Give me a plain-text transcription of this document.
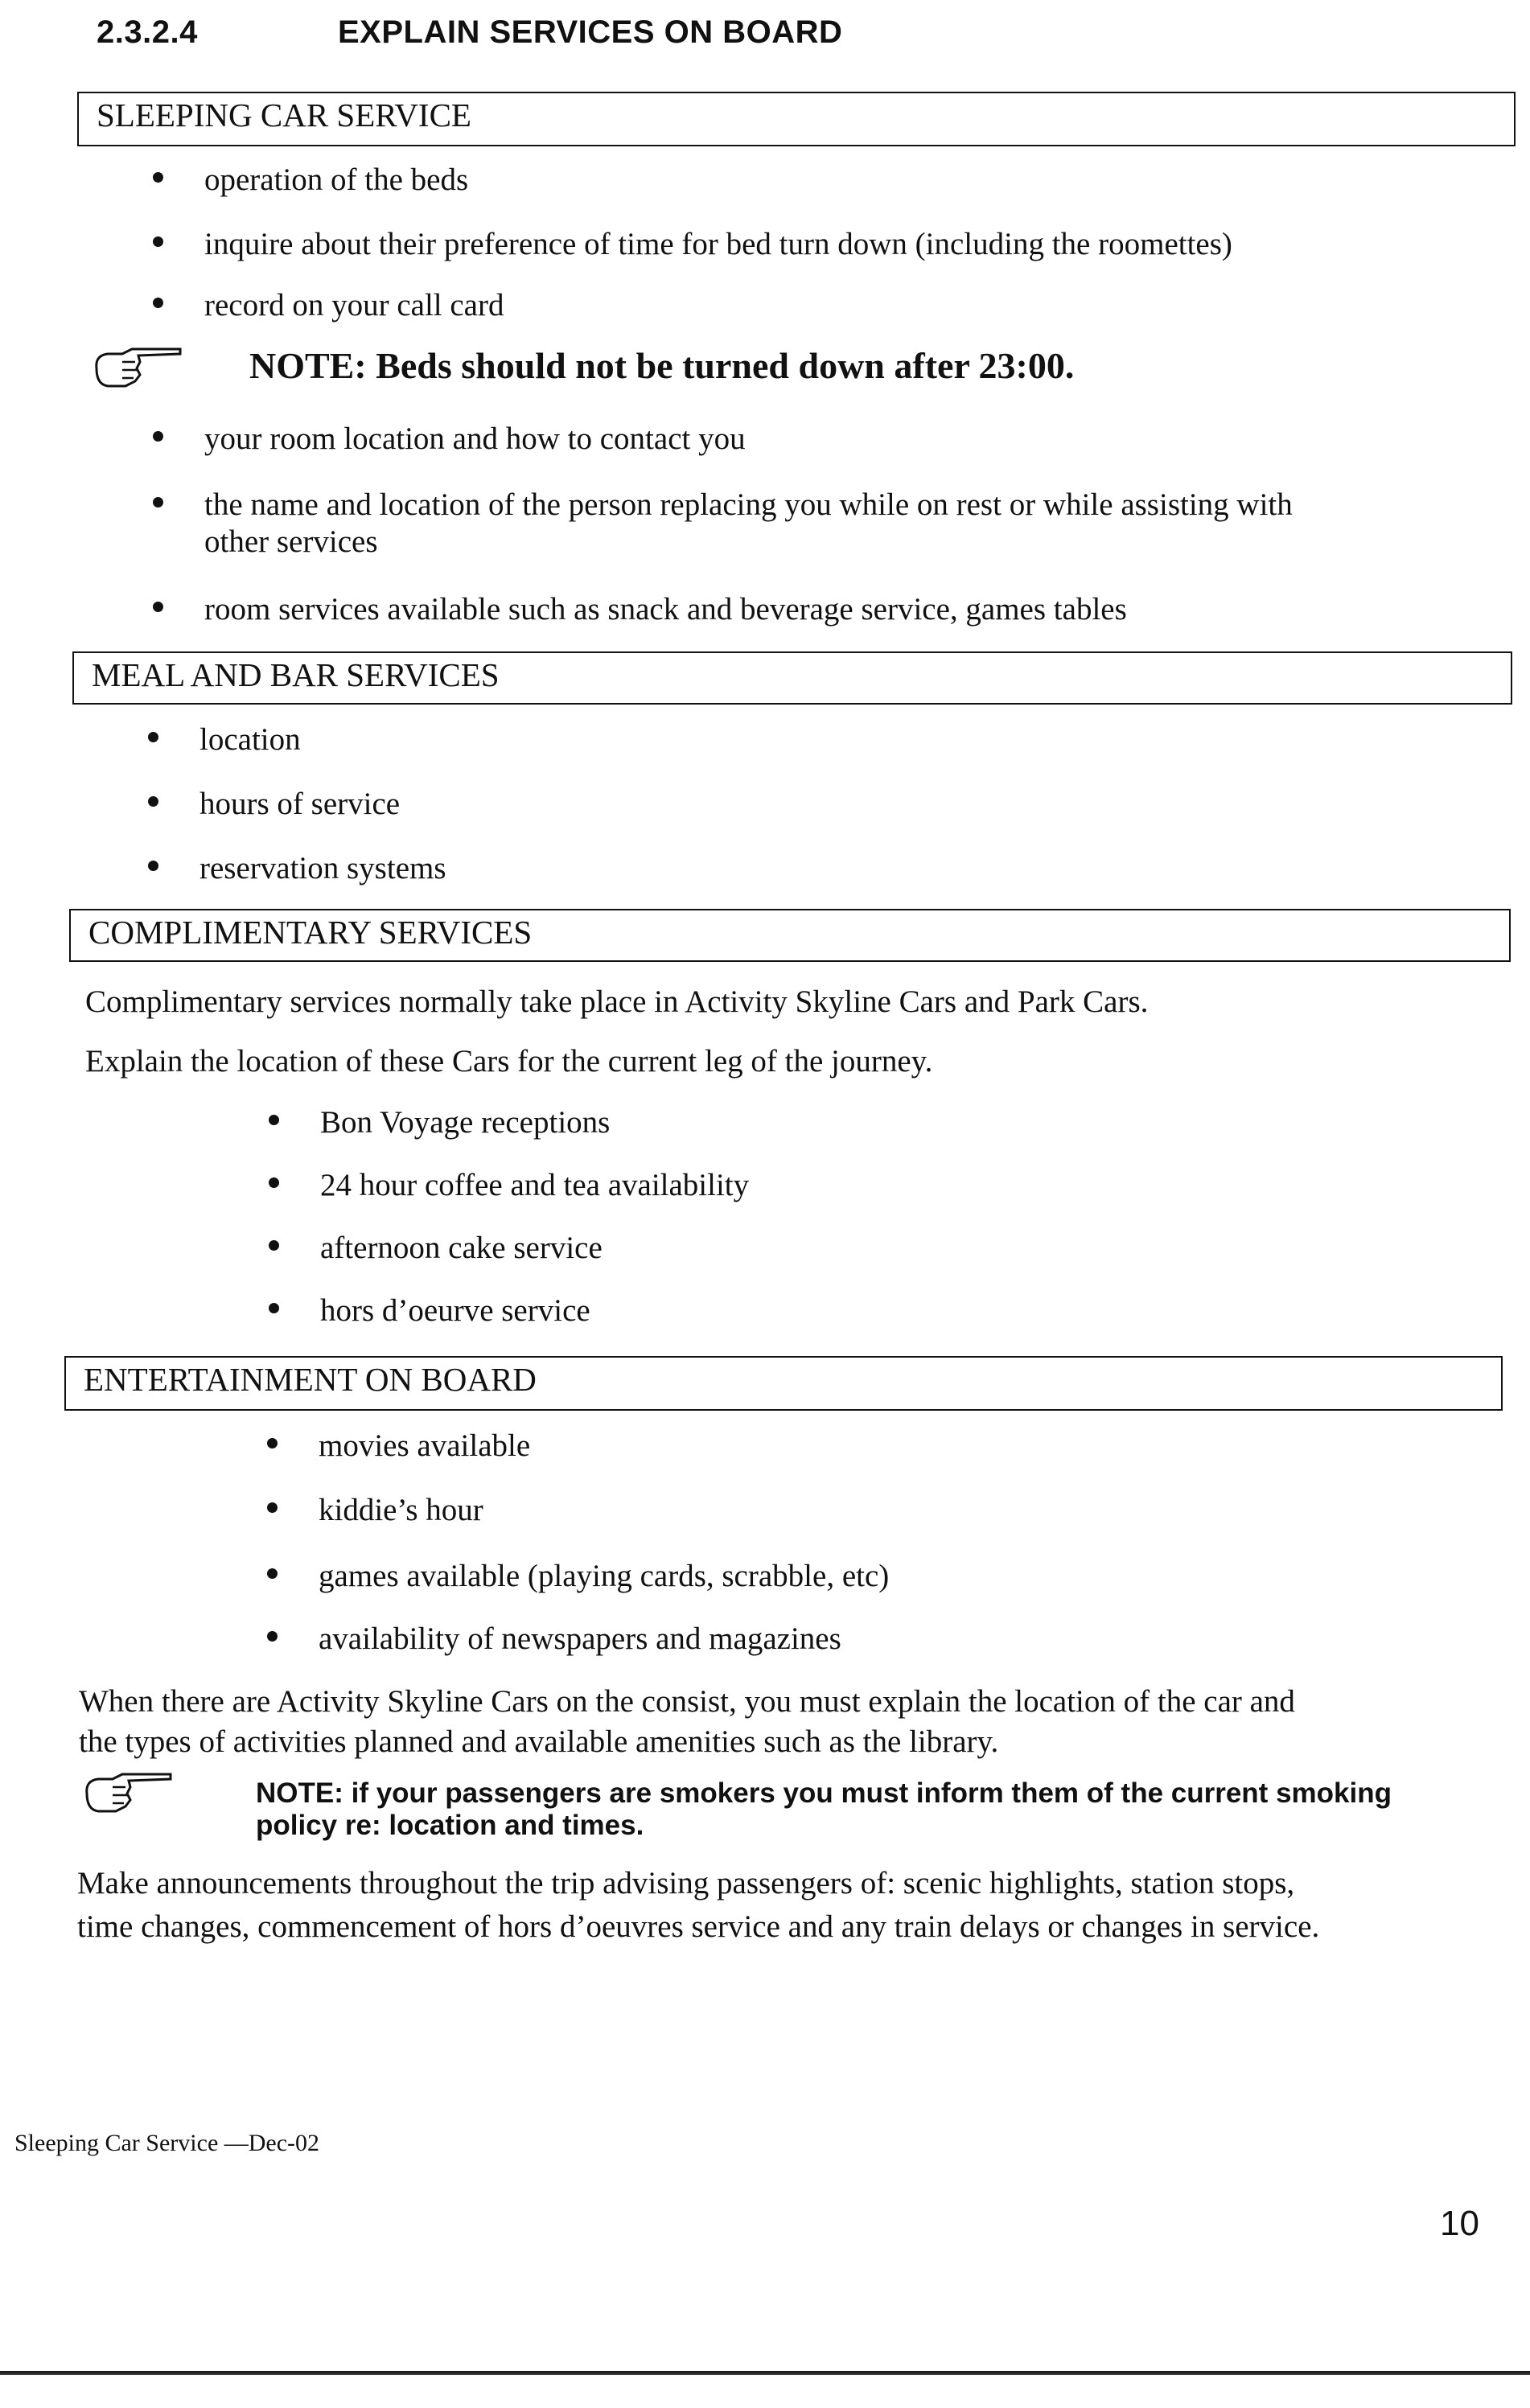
2.3.2.4	EXPLAIN SERVICES ON BOARD
SLEEPING CAR SERVICE
operation of the beds
inquire about their preference of time for bed turn down (including the roomettes)
record on your call card
NOTE: Beds should not be turned down after 23:00.
your room location and how to contact you
the name and location of the person replacing you while on rest or while assisting with
other services
room services available such as snack and beverage service, games tables
MEAL AND BAR SERVICES
location
hours of service
reservation systems
COMPLIMENTARY SERVICES
Complimentary services normally take place in Activity Skyline Cars and Park Cars.
Explain the location of these Cars for the current leg of the journey.
Bon Voyage receptions
24 hour coffee and tea availability
afternoon cake service
hors d’oeurve service
ENTERTAINMENT ON BOARD
movies available
kiddie’s hour
games available (playing cards, scrabble, etc)
availability of newspapers and magazines
When there are Activity Skyline Cars on the consist, you must explain the location of the car and
the types of activities planned and available amenities such as the library.
NOTE: if your passengers are smokers you must inform them of the current smoking
policy re: location and times.
Make announcements throughout the trip advising passengers of: scenic highlights, station stops,
time changes, commencement of hors d’oeuvres service and any train delays or changes in service.
Sleeping Car Service —Dec-02
10
